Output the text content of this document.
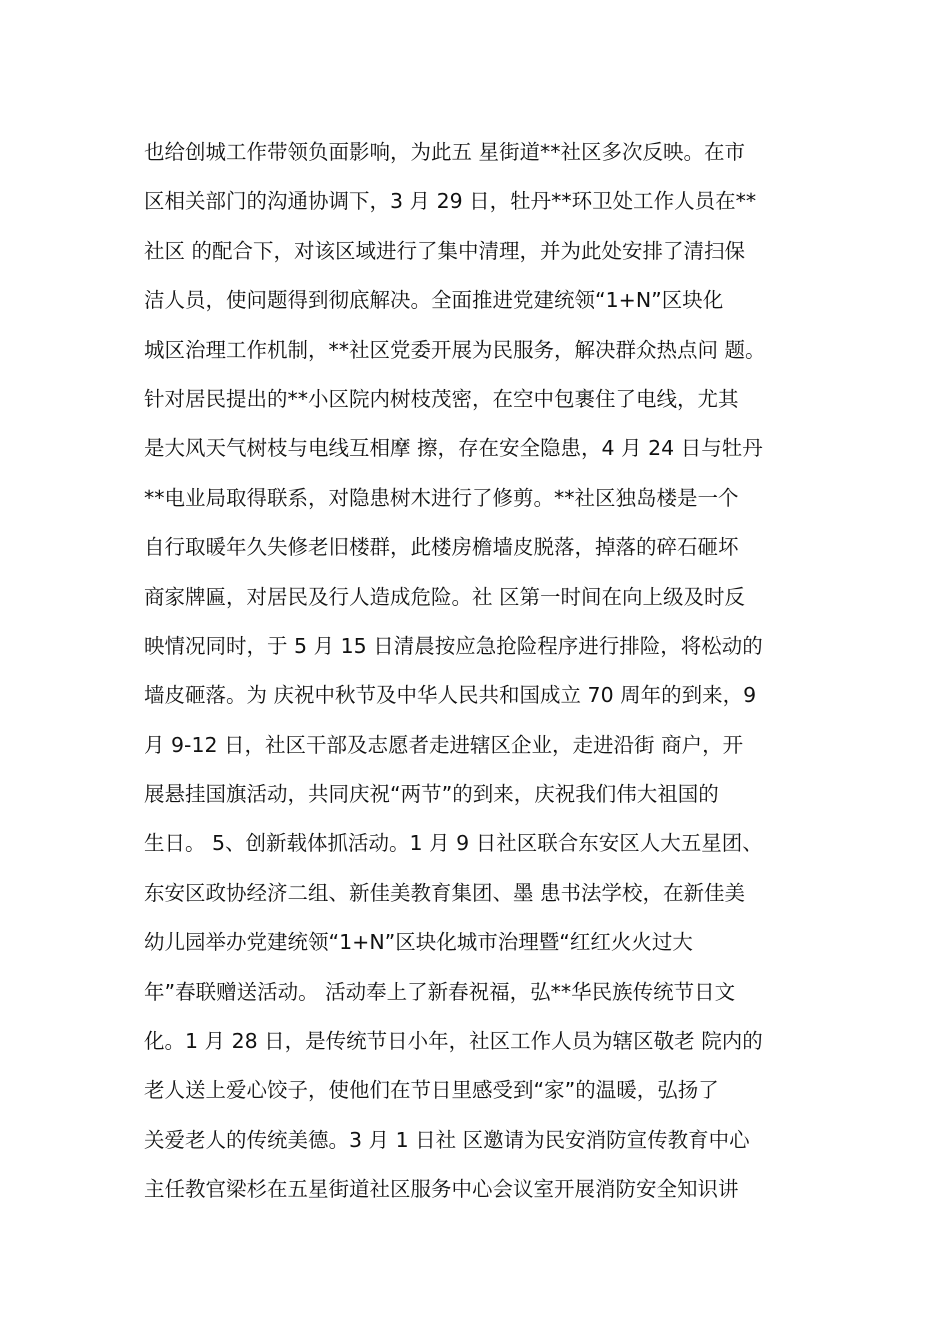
也给创城工作带领负面影响，为此五 星街道**社区多次反映。在市
区相关部门的沟通协调下，3 月 29 日，牡丹**环卫处工作人员在**
社区 的配合下，对该区域进行了集中清理，并为此处安排了清扫保
洁人员，使问题得到彻底解决。全面推进党建统领“1+N”区块化
城区治理工作机制，**社区党委开展为民服务，解决群众热点问 题。
针对居民提出的**小区院内树枝茂密，在空中包裹住了电线，尤其
是大风天气树枝与电线互相摩 擦，存在安全隐患，4 月 24 日与牡丹
**电业局取得联系，对隐患树木进行了修剪。**社区独岛楼是一个
自行取暖年久失修老旧楼群，此楼房檐墙皮脱落，掉落的碎石砸坏
商家牌匾，对居民及行人造成危险。社 区第一时间在向上级及时反
映情况同时，于 5 月 15 日清晨按应急抢险程序进行排险，将松动的
墙皮砸落。为 庆祝中秋节及中华人民共和国成立 70 周年的到来，9
月 9-12 日，社区干部及志愿者走进辖区企业，走进沿街 商户，开
展悬挂国旗活动，共同庆祝“两节”的到来，庆祝我们伟大祖国的
生日。 5、创新载体抓活动。1 月 9 日社区联合东安区人大五星团、
东安区政协经济二组、新佳美教育集团、墨 患书法学校，在新佳美
幼儿园举办党建统领“1+N”区块化城市治理暨“红红火火过大
年”春联赠送活动。 活动奉上了新春祝福，弘**华民族传统节日文
化。1 月 28 日，是传统节日小年，社区工作人员为辖区敬老 院内的
老人送上爱心饺子，使他们在节日里感受到“家”的温暖，弘扬了
关爱老人的传统美德。3 月 1 日社 区邀请为民安消防宣传教育中心
主任教官梁杉在五星街道社区服务中心会议室开展消防安全知识讲
